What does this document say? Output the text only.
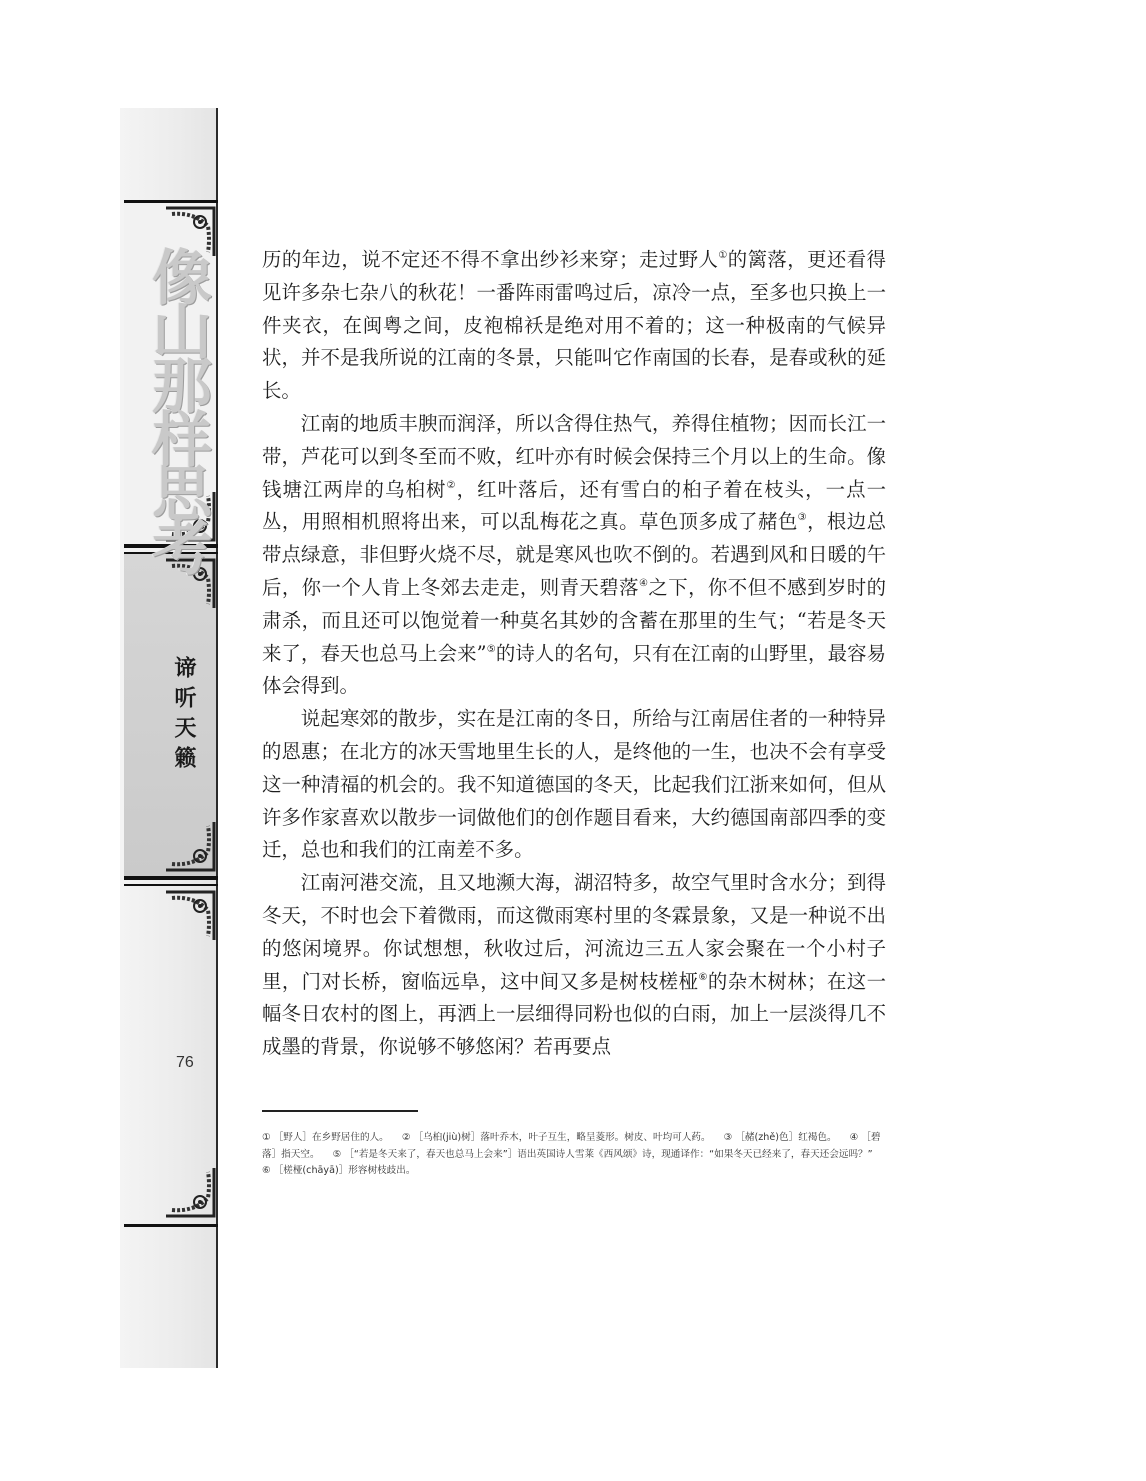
像山那样思考
谛听天籁
76

历的年边，说不定还不得不拿出纱衫来穿；走过野人①的篱落，更还看得见许多杂七杂八的秋花！一番阵雨雷鸣过后，凉冷一点，至多也只换上一件夹衣，在闽粤之间，皮袍棉袄是绝对用不着的；这一种极南的气候异状，并不是我所说的江南的冬景，只能叫它作南国的长春，是春或秋的延长。

江南的地质丰腴而润泽，所以含得住热气，养得住植物；因而长江一带，芦花可以到冬至而不败，红叶亦有时候会保持三个月以上的生命。像钱塘江两岸的乌桕树②，红叶落后，还有雪白的桕子着在枝头，一点一丛，用照相机照将出来，可以乱梅花之真。草色顶多成了赭色③，根边总带点绿意，非但野火烧不尽，就是寒风也吹不倒的。若遇到风和日暖的午后，你一个人肯上冬郊去走走，则青天碧落④之下，你不但不感到岁时的肃杀，而且还可以饱觉着一种莫名其妙的含蓄在那里的生气；“若是冬天来了，春天也总马上会来”⑤的诗人的名句，只有在江南的山野里，最容易体会得到。

说起寒郊的散步，实在是江南的冬日，所给与江南居住者的一种特异的恩惠；在北方的冰天雪地里生长的人，是终他的一生，也决不会有享受这一种清福的机会的。我不知道德国的冬天，比起我们江浙来如何，但从许多作家喜欢以散步一词做他们的创作题目看来，大约德国南部四季的变迁，总也和我们的江南差不多。

江南河港交流，且又地濒大海，湖沼特多，故空气里时含水分；到得冬天，不时也会下着微雨，而这微雨寒村里的冬霖景象，又是一种说不出的悠闲境界。你试想想，秋收过后，河流边三五人家会聚在一个小村子里，门对长桥，窗临远阜，这中间又多是树枝槎桠⑥的杂木树林；在这一幅冬日农村的图上，再洒上一层细得同粉也似的白雨，加上一层淡得几不成墨的背景，你说够不够悠闲？若再要点

① ［野人］在乡野居住的人。 ② ［乌桕(jiù)树］落叶乔木，叶子互生，略呈菱形。树皮、叶均可人药。 ③ ［赭(zhě)色］红褐色。 ④ ［碧落］指天空。 ⑤ ［“若是冬天来了，春天也总马上会来”］语出英国诗人雪莱《西风颂》诗，现通译作：“如果冬天已经来了，春天还会远吗？”

⑥ ［槎桠(chāyā)］形容树枝歧出。
